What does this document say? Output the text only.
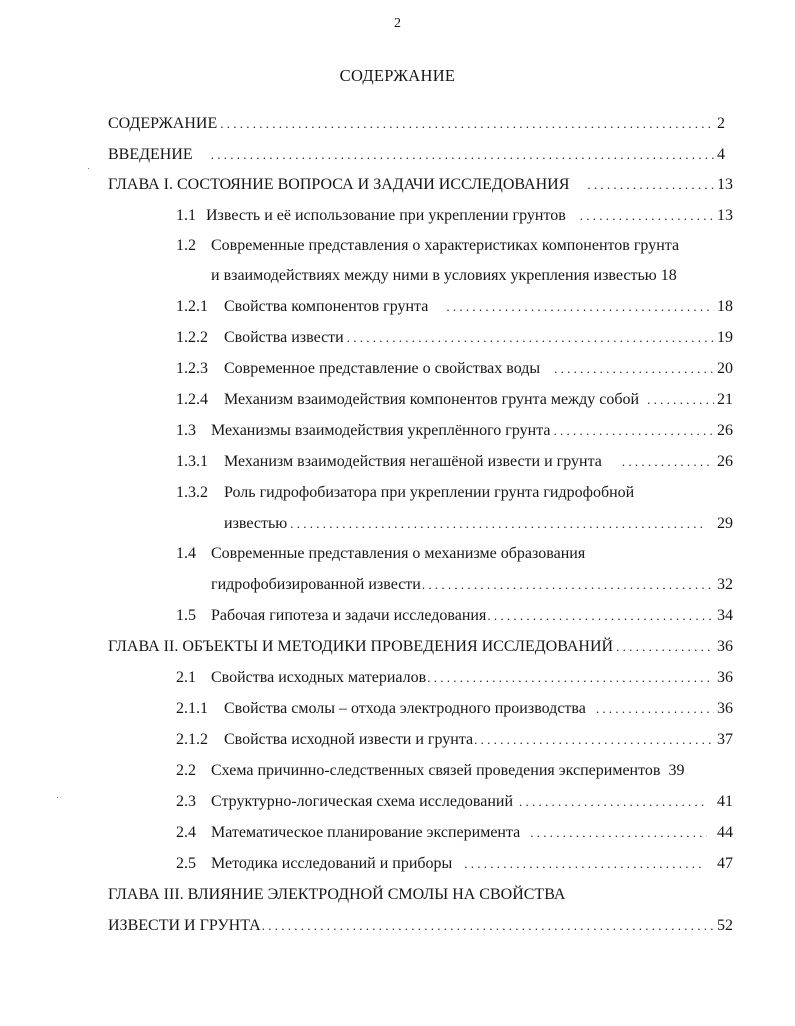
2
СОДЕРЖАНИЕ
СОДЕРЖАНИЕ . . .	2
ВВЕДЕНИЕ . . .	4
ГЛАВА I. СОСТОЯНИЕ ВОПРОСА И ЗАДАЧИ ИССЛЕДОВАНИЯ . . .	13
1.1 Известь и её использование при укреплении грунтов . . .	13
1.2 Современные представления о характеристиках компонентов грунта
и взаимодействиях между ними в условиях укрепления известью 18
1.2.1 Свойства компонентов грунта . . .	18
1.2.2 Свойства извести . . .	19
1.2.3 Современное представление о свойствах воды . . .	20
1.2.4 Механизм взаимодействия компонентов грунта между собой . . .	21
1.3 Механизмы взаимодействия укреплённого грунта . . .	26
1.3.1 Механизм взаимодействия негашёной извести и грунта . . .	26
1.3.2 Роль гидрофобизатора при укреплении грунта гидрофобной
известью . . .	29
1.4 Современные представления о механизме образования
гидрофобизированной извести . . .	32
1.5 Рабочая гипотеза и задачи исследования . . .	34
ГЛАВА II. ОБЪЕКТЫ И МЕТОДИКИ ПРОВЕДЕНИЯ ИССЛЕДОВАНИЙ . . .	36
2.1 Свойства исходных материалов . . .	36
2.1.1 Свойства смолы – отхода электродного производства . . .	36
2.1.2 Свойства исходной извести и грунта . . .	37
2.2 Схема причинно-следственных связей проведения экспериментов 39
2.3 Структурно-логическая схема исследований . . .	41
2.4 Математическое планирование эксперимента . . .	44
2.5 Методика исследований и приборы . . .	47
ГЛАВА III. ВЛИЯНИЕ ЭЛЕКТРОДНОЙ СМОЛЫ НА СВОЙСТВА
ИЗВЕСТИ И ГРУНТА . . .	52
